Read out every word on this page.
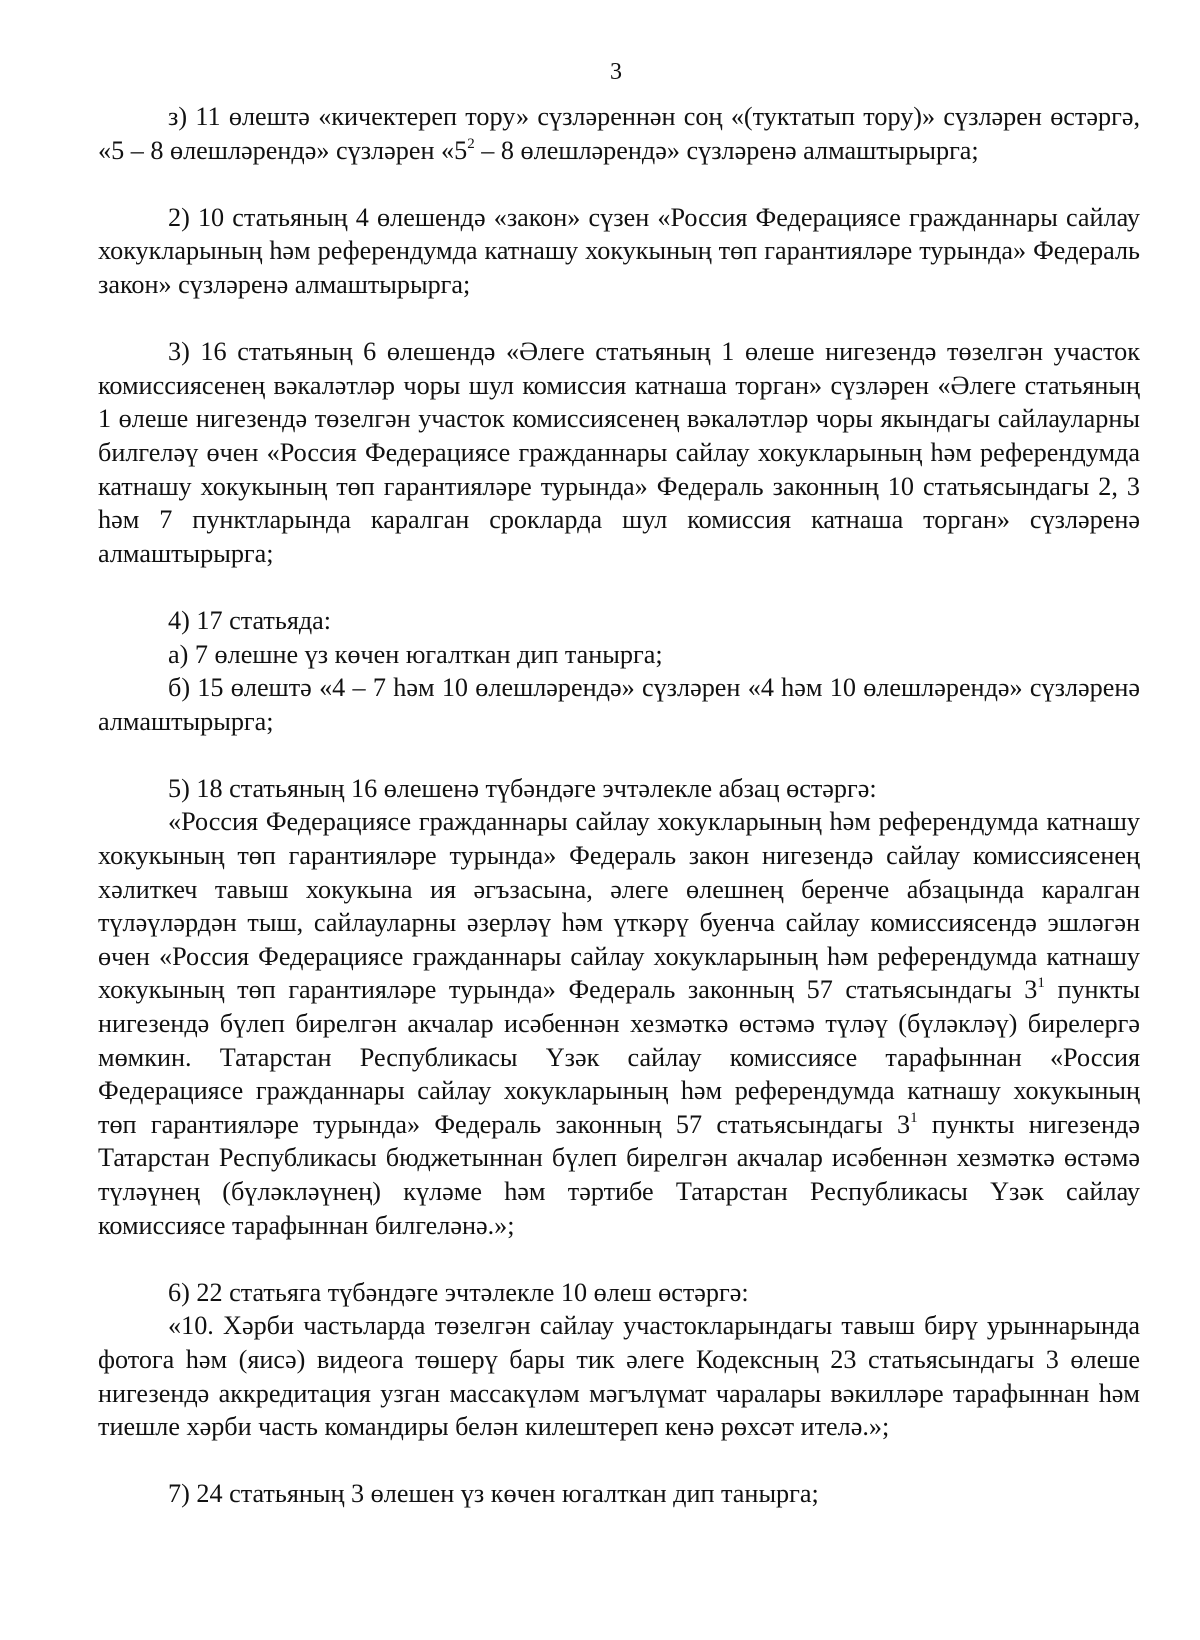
3

з) 11 өлештә «кичектереп тору» сүзләреннән соң «(туктатып тору)» сүзләрен өстәргә, «5 – 8 өлешләрендә» сүзләрен «$5^2 - 8$ өлешләрендә» сүзләренә алмаштырырга;

2) 10 статьяның 4 өлешендә «закон» сүзен «Россия Федерациясе гражданнары сайлау хокукларының һәм референдумда катнашу хокукының төп гарантияләре турында» Федераль закон» сүзләренә алмаштырырга;

3) 16 статьяның 6 өлешендә «Әлеге статьяның 1 өлеше нигезендә төзелгән участок комиссиясенең вәкаләтләр чоры шул комиссия катнаша торган» сүзләрен «Әлеге статьяның 1 өлеше нигезендә төзелгән участок комиссиясенең вәкаләтләр чоры якындагы сайлауларны билгеләү өчен «Россия Федерациясе гражданнары сайлау хокукларының һәм референдумда катнашу хокукының төп гарантияләре турында» Федераль законның 10 статьясындагы 2, 3 һәм 7 пунктларында каралган срокларда шул комиссия катнаша торган» сүзләренә алмаштырырга;

4) 17 статьяда:

а) 7 өлешне үз көчен югалткан дип танырга;

б) 15 өлештә «4 – 7 һәм 10 өлешләрендә» сүзләрен «4 һәм 10 өлешләрендә» сүзләренә алмаштырырга;

5) 18 статьяның 16 өлешенә түбәндәге эчтәлекле абзац өстәргә:

«Россия Федерациясе гражданнары сайлау хокукларының һәм референдумда катнашу хокукының төп гарантияләре турында» Федераль закон нигезендә сайлау комиссиясенең хәлиткеч тавыш хокукына ия әгъзасына, әлеге өлешнең беренче абзацында каралган түләүләрдән тыш, сайлауларны әзерләү һәм үткәрү буенча сайлау комиссиясендә эшләгән өчен «Россия Федерациясе гражданнары сайлау хокукларының һәм референдумда катнашу хокукының төп гарантияләре турында» Федераль законның 57 статьясындагы $3^1$ пункты нигезендә бүлеп бирелгән акчалар исәбеннән хезмәткә өстәмә түләү (бүләкләү) бирелергә мөмкин. Татарстан Республикасы Үзәк сайлау комиссиясе тарафыннан «Россия Федерациясе гражданнары сайлау хокукларының һәм референдумда катнашу хокукының төп гарантияләре турында» Федераль законның 57 статьясындагы $3^1$ пункты нигезендә Татарстан Республикасы бюджетыннан бүлеп бирелгән акчалар исәбеннән хезмәткә өстәмә түләүнең (бүләкләүнең) күләме һәм тәртибе Татарстан Республикасы Үзәк сайлау комиссиясе тарафыннан билгеләнә.»;

6) 22 статьяга түбәндәге эчтәлекле 10 өлеш өстәргә:

«10. Хәрби частьларда төзелгән сайлау участокларындагы тавыш бирү урыннарында фотога һәм (яисә) видеога төшерү бары тик әлеге Кодексның 23 статьясындагы 3 өлеше нигезендә аккредитация узган массакүләм мәгълүмат чаралары вәкилләре тарафыннан һәм тиешле хәрби часть командиры белән килештереп кенә рөхсәт ителә.»;

7) 24 статьяның 3 өлешен үз көчен югалткан дип танырга;
